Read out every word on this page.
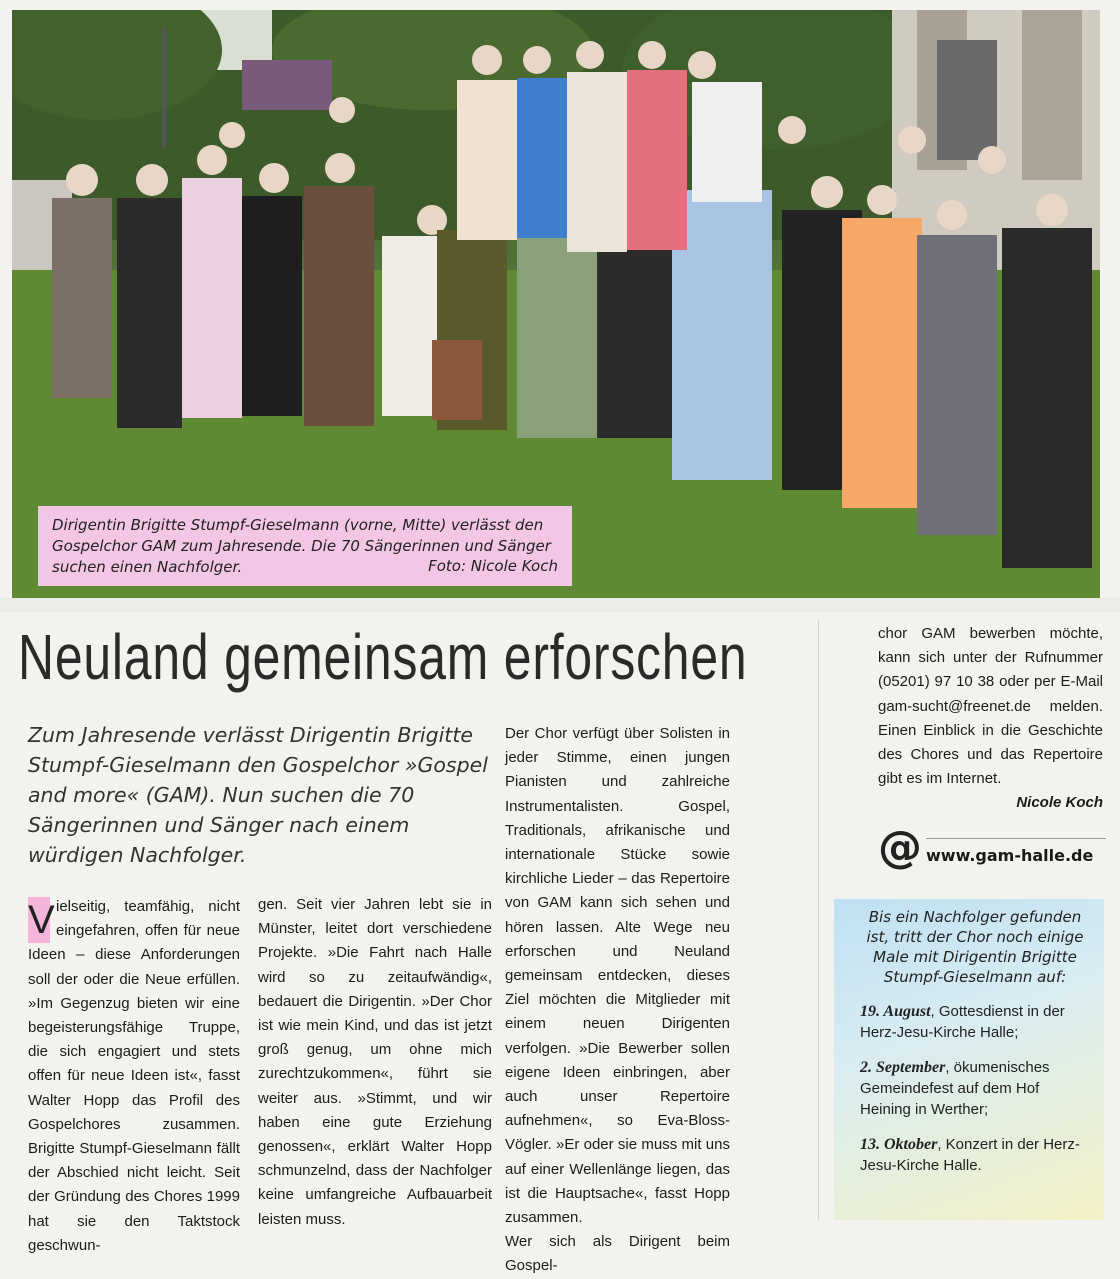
Dirigentin Brigitte Stumpf-Gieselmann (vorne, Mitte) verlässt den Gospelchor GAM zum Jahresende. Die 70 Sängerinnen und Sänger suchen einen Nachfolger.	Foto: Nicole Koch
Neuland gemeinsam erforschen
Zum Jahresende verlässt Dirigentin Brigitte Stumpf-Gieselmann den Gospelchor »Gospel and more« (GAM). Nun suchen die 70 Sängerinnen und Sänger nach einem würdigen Nachfolger.
V ielseitig, teamfähig, nicht eingefahren, offen für neue Ideen – diese Anforderungen soll der oder die Neue erfüllen. »Im Gegenzug bieten wir eine begeisterungsfähige Truppe, die sich engagiert und stets offen für neue Ideen ist«, fasst Walter Hopp das Profil des Gospelchores zusammen. Brigitte Stumpf-Gieselmann fällt der Abschied nicht leicht. Seit der Gründung des Chores 1999 hat sie den Taktstock geschwun-
gen. Seit vier Jahren lebt sie in Münster, leitet dort verschiedene Projekte. »Die Fahrt nach Halle wird so zu zeitaufwändig«, bedauert die Dirigentin. »Der Chor ist wie mein Kind, und das ist jetzt groß genug, um ohne mich zurechtzukommen«, führt sie weiter aus. »Stimmt, und wir haben eine gute Erziehung genossen«, erklärt Walter Hopp schmunzelnd, dass der Nachfolger keine umfangreiche Aufbauarbeit leisten muss.
Der Chor verfügt über Solisten in jeder Stimme, einen jungen Pianisten und zahlreiche Instrumentalisten. Gospel, Traditionals, afrikanische und internationale Stücke sowie kirchliche Lieder – das Repertoire von GAM kann sich sehen und hören lassen. Alte Wege neu erforschen und Neuland gemeinsam entdecken, dieses Ziel möchten die Mitglieder mit einem neuen Dirigenten verfolgen. »Die Bewerber sollen eigene Ideen einbringen, aber auch unser Repertoire aufnehmen«, so Eva-Bloss-Vögler. »Er oder sie muss mit uns auf einer Wellenlänge liegen, das ist die Hauptsache«, fasst Hopp zusammen.
Wer sich als Dirigent beim Gospel-
chor GAM bewerben möchte, kann sich unter der Rufnummer (05201) 97 10 38 oder per E-Mail gam-sucht@freenet.de melden. Einen Einblick in die Geschichte des Chores und das Repertoire gibt es im Internet.
Nicole Koch
@ www.gam-halle.de
Bis ein Nachfolger gefunden ist, tritt der Chor noch einige Male mit Dirigentin Brigitte Stumpf-Gieselmann auf:
19. August, Gottesdienst in der Herz-Jesu-Kirche Halle;
2. September, ökumenisches Gemeindefest auf dem Hof Heining in Werther;
13. Oktober, Konzert in der Herz-Jesu-Kirche Halle.
